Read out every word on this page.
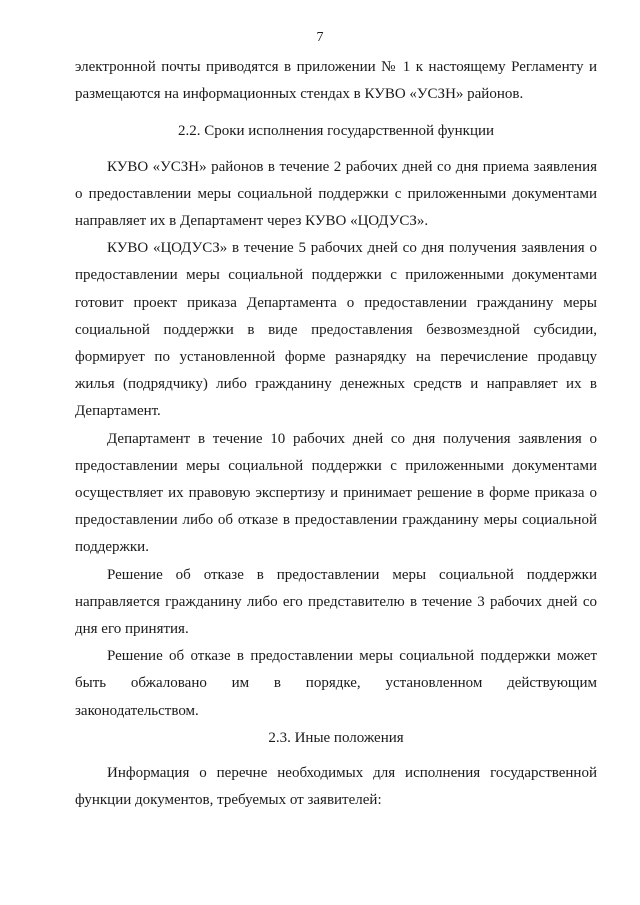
7

электронной почты приводятся в приложении № 1 к настоящему Регламенту и размещаются на информационных стендах в КУВО «УСЗН» районов.

2.2. Сроки исполнения государственной функции

КУВО «УСЗН» районов в течение 2 рабочих дней со дня приема заявления о предоставлении меры социальной поддержки с приложенными документами направляет их в Департамент через КУВО «ЦОДУСЗ».

КУВО «ЦОДУСЗ» в течение 5 рабочих дней со дня получения заявления о предоставлении меры социальной поддержки с приложенными документами готовит проект приказа Департамента о предоставлении гражданину меры социальной поддержки в виде предоставления безвозмездной субсидии, формирует по установленной форме разнарядку на перечисление продавцу жилья (подрядчику) либо гражданину денежных средств и направляет их в Департамент.

Департамент в течение 10 рабочих дней со дня получения заявления о предоставлении меры социальной поддержки с приложенными документами осуществляет их правовую экспертизу и принимает решение в форме приказа о предоставлении либо об отказе в предоставлении гражданину меры социальной поддержки.

Решение об отказе в предоставлении меры социальной поддержки направляется гражданину либо его представителю в течение 3 рабочих дней со дня его принятия.

Решение об отказе в предоставлении меры социальной поддержки может быть обжаловано им в порядке, установленном действующим законодательством.

2.3. Иные положения

Информация о перечне необходимых для исполнения государственной функции документов, требуемых от заявителей:
